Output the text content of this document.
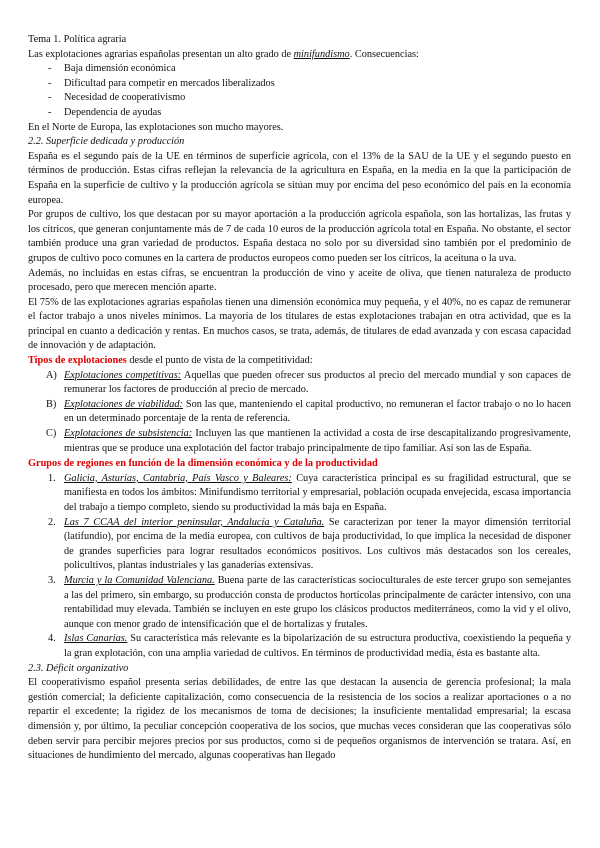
Tema 1. Política agraria

Las explotaciones agrarias españolas presentan un alto grado de minifundismo. Consecuencias:

- Baja dimensión económica
- Dificultad para competir en mercados liberalizados
- Necesidad de cooperativismo
- Dependencia de ayudas

En el Norte de Europa, las explotaciones son mucho mayores.

2.2. Superficie dedicada y producción

España es el segundo país de la UE en términos de superficie agrícola, con el 13% de la SAU de la UE y el segundo puesto en términos de producción. Estas cifras reflejan la relevancia de la agricultura en España, en la media en la que la participación de España en la superficie de cultivo y la producción agrícola se sitúan muy por encima del peso económico del país en la economía europea.

Por grupos de cultivo, los que destacan por su mayor aportación a la producción agrícola española, son las hortalizas, las frutas y los cítricos, que generan conjuntamente más de 7 de cada 10 euros de la producción agrícola total en España. No obstante, el sector también produce una gran variedad de productos. España destaca no solo por su diversidad sino también por el predominio de grupos de cultivo poco comunes en la cartera de productos europeos como pueden ser los cítricos, la aceituna o la uva.

Además, no incluidas en estas cifras, se encuentran la producción de vino y aceite de oliva, que tienen naturaleza de producto procesado, pero que merecen mención aparte.

El 75% de las explotaciones agrarias españolas tienen una dimensión económica muy pequeña, y el 40%, no es capaz de remunerar el factor trabajo a unos niveles mínimos. La mayoría de los titulares de estas explotaciones trabajan en otra actividad, que es la principal en cuanto a dedicación y rentas. En muchos casos, se trata, además, de titulares de edad avanzada y con escasa capacidad de innovación y de adaptación.

Tipos de explotaciones desde el punto de vista de la competitividad:

A) Explotaciones competitivas: Aquellas que pueden ofrecer sus productos al precio del mercado mundial y son capaces de remunerar los factores de producción al precio de mercado.
B) Explotaciones de viabilidad: Son las que, manteniendo el capital productivo, no remuneran el factor trabajo o no lo hacen en un determinado porcentaje de la renta de referencia.
C) Explotaciones de subsistencia: Incluyen las que mantienen la actividad a costa de irse descapitalizando progresivamente, mientras que se produce una explotación del factor trabajo principalmente de tipo familiar. Así son las de España.

Grupos de regiones en función de la dimensión económica y de la productividad

1. Galicia, Asturias, Cantabria, País Vasco y Baleares: Cuya característica principal es su fragilidad estructural, que se manifiesta en todos los ámbitos: Minifundismo territorial y empresarial, población ocupada envejecida, escasa importancia del trabajo a tiempo completo, siendo su productividad la más baja en España.
2. Las 7 CCAA del interior peninsular, Andalucía y Cataluña. Se caracterizan por tener la mayor dimensión territorial (latifundio), por encima de la media europea, con cultivos de baja productividad, lo que implica la necesidad de disponer de grandes superficies para lograr resultados económicos positivos. Los cultivos más destacados son los cereales, policultivos, plantas industriales y las ganaderías extensivas.
3. Murcia y la Comunidad Valenciana. Buena parte de las características socioculturales de este tercer grupo son semejantes a las del primero, sin embargo, su producción consta de productos hortícolas principalmente de carácter intensivo, con una rentabilidad muy elevada. También se incluyen en este grupo los clásicos productos mediterráneos, como la vid y el olivo, aunque con menor grado de intensificación que el de hortalizas y frutales.
4. Islas Canarias. Su característica más relevante es la bipolarización de su estructura productiva, coexistiendo la pequeña y la gran explotación, con una amplia variedad de cultivos. En términos de productividad media, ésta es bastante alta.

2.3. Déficit organizativo

El cooperativismo español presenta serias debilidades, de entre las que destacan la ausencia de gerencia profesional; la mala gestión comercial; la deficiente capitalización, como consecuencia de la resistencia de los socios a realizar aportaciones o a no repartir el excedente; la rigidez de los mecanismos de toma de decisiones; la insuficiente mentalidad empresarial; la escasa dimensión y, por último, la peculiar concepción cooperativa de los socios, que muchas veces consideran que las cooperativas sólo deben servir para percibir mejores precios por sus productos, como si de pequeños organismos de intervención se tratara. Así, en situaciones de hundimiento del mercado, algunas cooperativas han llegado
